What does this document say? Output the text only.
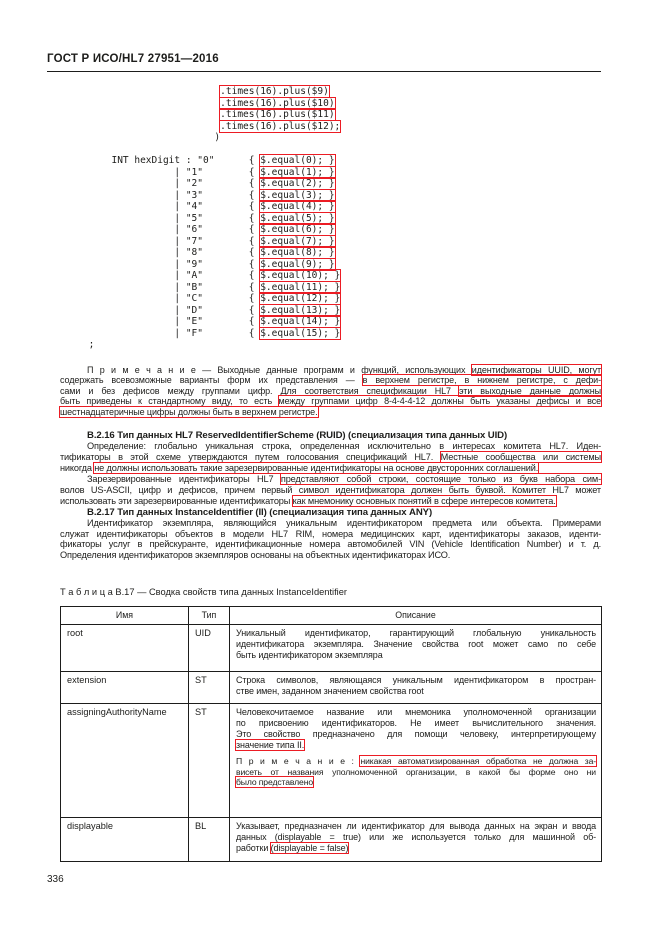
ГОСТ Р ИСО/HL7 27951—2016
.times(16).plus($9)
.times(16).plus($10)
.times(16).plus($11)
.times(16).plus($12);
)

INT hexDigit : "0"      { $.equal(0); }
| "1"        { $.equal(1); }
| "2"        { $.equal(2); }
| "3"        { $.equal(3); }
| "4"        { $.equal(4); }
| "5"        { $.equal(5); }
| "6"        { $.equal(6); }
| "7"        { $.equal(7); }
| "8"        { $.equal(8); }
| "9"        { $.equal(9); }
| "A"        { $.equal(10); }
| "B"        { $.equal(11); }
| "C"        { $.equal(12); }
| "D"        { $.equal(13); }
| "E"        { $.equal(14); }
| "F"        { $.equal(15); }
;
П р и м е ч а н и е — Выходные данные программ и функций, использующих идентификаторы UUID, могут
содержать всевозможные варианты форм их представления — в верхнем регистре, в нижнем регистре, с дефи-
сами и без дефисов между группами цифр. Для соответствия спецификации HL7 эти выходные данные должны
быть приведены к стандартному виду, то есть между группами цифр 8-4-4-4-12 должны быть указаны дефисы и все
шестнадцатеричные цифры должны быть в верхнем регистре.
В.2.16 Тип данных HL7 ReservedIdentifierScheme (RUID) (специализация типа данных UID)
Определение: глобально уникальная строка, определенная исключительно в интересах комитета HL7. Иден-
тификаторы в этой схеме утверждаются путем голосования спецификаций HL7. Местные сообщества или системы
никогда не должны использовать такие зарезервированные идентификаторы на основе двусторонних соглашений.
Зарезервированные идентификаторы HL7 представляют собой строки, состоящие только из букв набора сим-
волов US-ASCII, цифр и дефисов, причем первый символ идентификатора должен быть буквой. Комитет HL7 может
использовать эти зарезервированные идентификаторы как мнемонику основных понятий в сфере интересов комитета.
В.2.17 Тип данных InstanceIdentifier (II) (специализация типа данных ANY)
Идентификатор экземпляра, являющийся уникальным идентификатором предмета или объекта. Примерами
служат идентификаторы объектов в модели HL7 RIM, номера медицинских карт, идентификаторы заказов, иденти-
фикаторы услуг в прейскуранте, идентификационные номера автомобилей VIN (Vehicle Identification Number) и т. д.
Определения идентификаторов экземпляров основаны на объектных идентификаторах ИСО.
Т а б л и ц а В.17 — Сводка свойств типа данных InstanceIdentifier
Имя	Тип	Описание
root	UID	Уникальный идентификатор, гарантирующий глобальную уникальность
идентификатора экземпляра. Значение свойства root может само по себе
быть идентификатором экземпляра

extension	ST	Строка символов, являющаяся уникальным идентификатором в простран-
стве имен, заданном значением свойства root

assigningAuthorityName	ST	Человекочитаемое название или мнемоника уполномоченной организации
по присвоению идентификаторов. Не имеет вычислительного значения.
Это свойство предназначено для помощи человеку, интерпретирующему
значение типа II.
П р и м е ч а н и е : никакая автоматизированная обработка не должна за-
висеть от названия уполномоченной организации, в какой бы форме оно ни
было представлено

displayable	BL	Указывает, предназначен ли идентификатор для вывода данных на экран и ввода
данных (displayable = true) или же используется только для машинной об-
работки (displayable = false)
336
